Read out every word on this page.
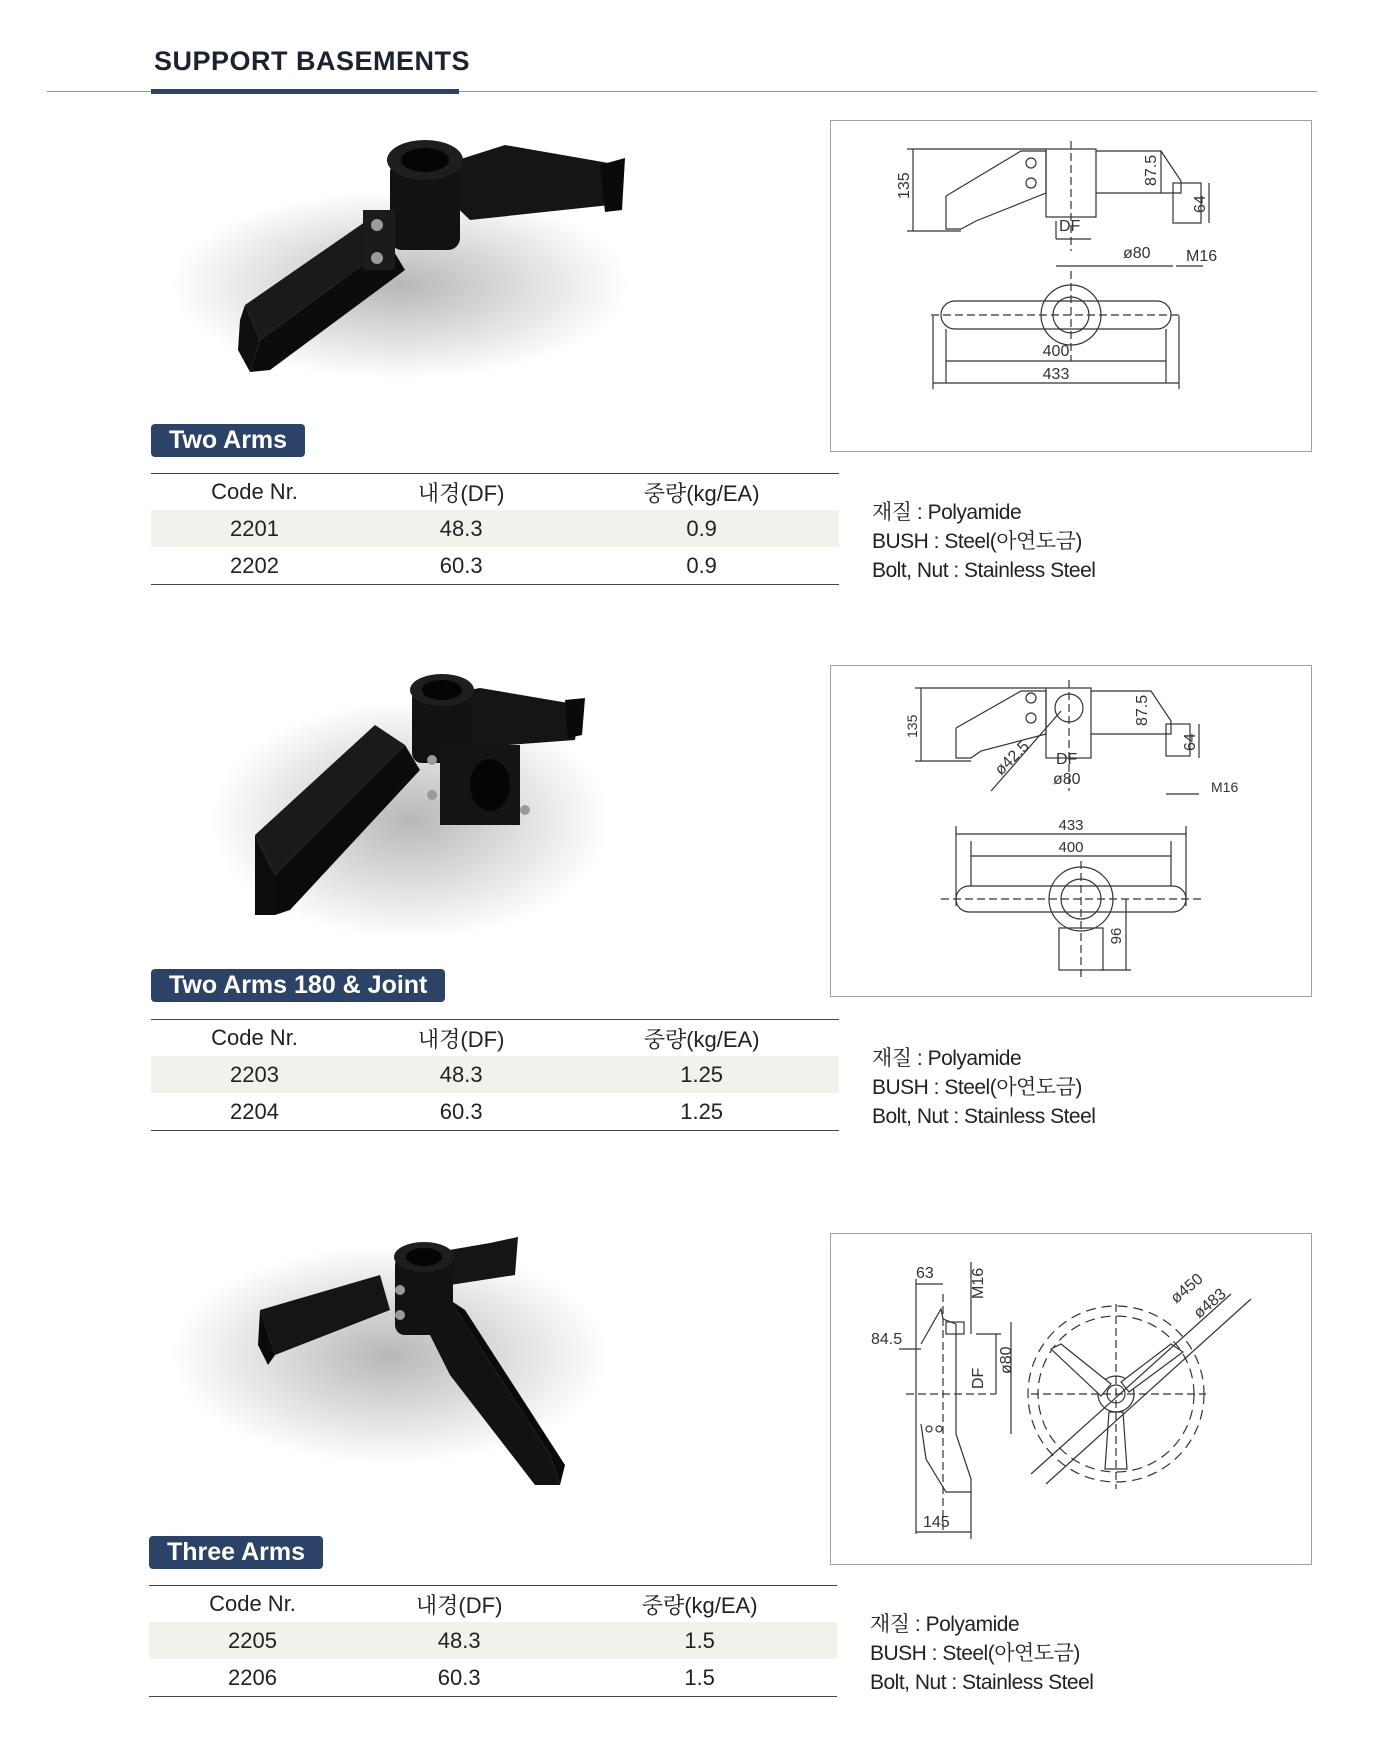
SUPPORT BASEMENTS
135	87.5
64
DF
ø80 M16
400
433
Two Arms
Code Nr.	내경(DF)	중량(kg/EA)
2201	48.3	0.9
2202	60.3	0.9
재질 : Polyamide
BUSH : Steel(아연도금)
Bolt, Nut : Stainless Steel
135
87.5
64
ø42.5 DF
ø80	M16
433
400
96
Two Arms 180 & Joint
Code Nr.	내경(DF)	중량(kg/EA)
2203	48.3	1.25
2204	60.3	1.25
재질 : Polyamide
BUSH : Steel(아연도금)
Bolt, Nut : Stainless Steel
63 M16
84.5
DF
ø80
145
ø450
ø483
Three Arms
Code Nr.	내경(DF)	중량(kg/EA)
2205	48.3	1.5
2206	60.3	1.5
재질 : Polyamide
BUSH : Steel(아연도금)
Bolt, Nut : Stainless Steel
